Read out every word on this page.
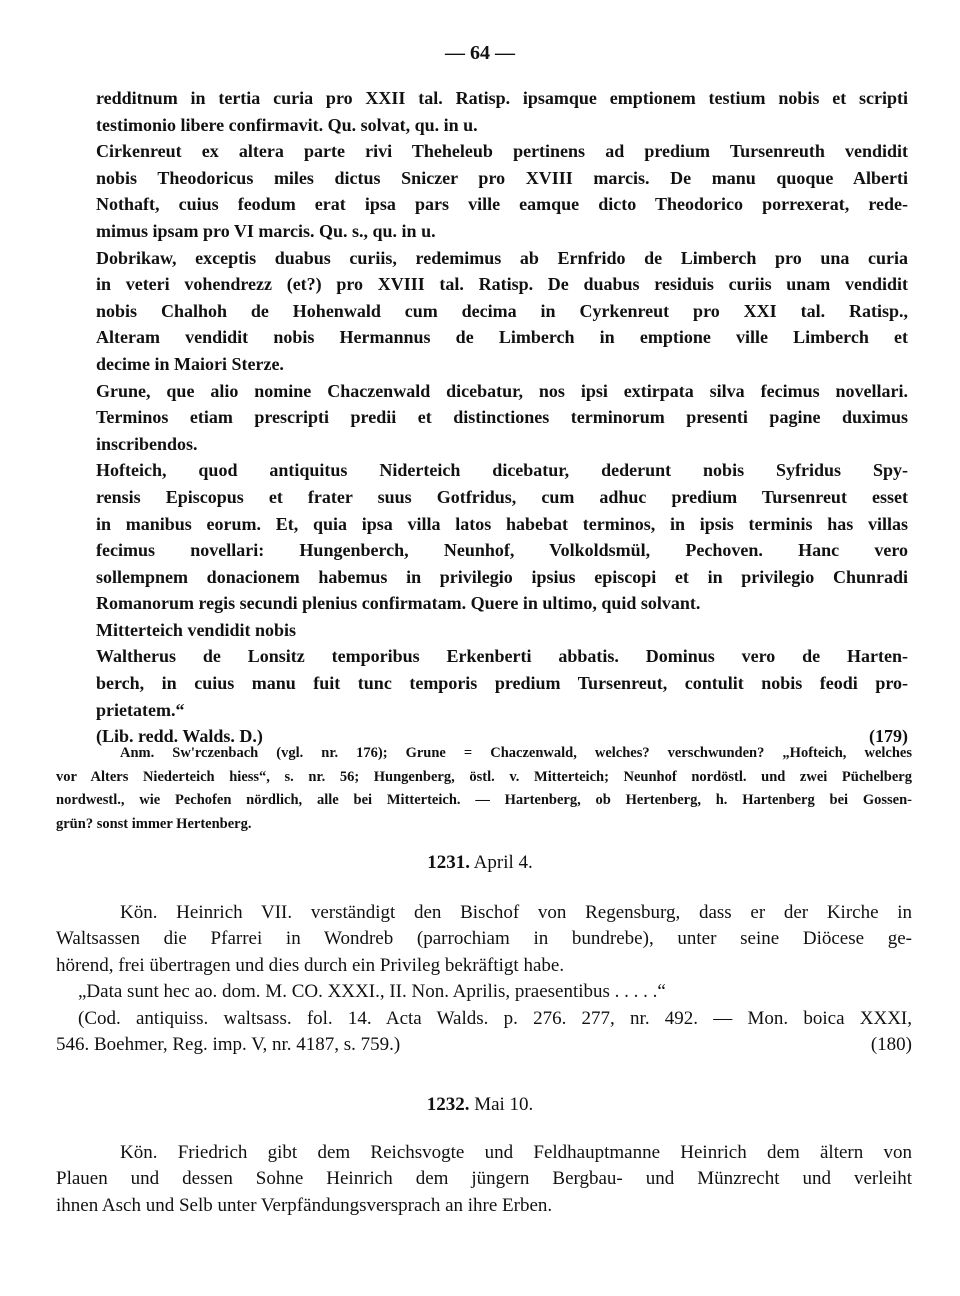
— 64 —
redditnum in tertia curia pro XXII tal. Ratisp. ipsamque emptionem testium nobis et scripti
testimonio libere confirmavit. Qu. solvat, qu. in u.
Cirkenreut ex altera parte rivi Theheleub pertinens ad predium Tursenreuth vendidit
nobis Theodoricus miles dictus Sniczer pro XVIII marcis. De manu quoque Alberti
Nothaft, cuius feodum erat ipsa pars ville eamque dicto Theodorico porrexerat, rede-
mimus ipsam pro VI marcis. Qu. s., qu. in u.
Dobrikaw, exceptis duabus curiis, redemimus ab Ernfrido de Limberch pro una curia
in veteri vohendrezz (et?) pro XVIII tal. Ratisp. De duabus residuis curiis unam vendidit
nobis Chalhoh de Hohenwald cum decima in Cyrkenreut pro XXI tal. Ratisp.,
Alteram vendidit nobis Hermannus de Limberch in emptione ville Limberch et
decime in Maiori Sterze.
Grune, que alio nomine Chaczenwald dicebatur, nos ipsi extirpata silva fecimus novellari.
Terminos etiam prescripti predii et distinctiones terminorum presenti pagine duximus
inscribendos.
Hofteich, quod antiquitus Niderteich dicebatur, dederunt nobis Syfridus Spy-
rensis Episcopus et frater suus Gotfridus, cum adhuc predium Tursenreut esset
in manibus eorum. Et, quia ipsa villa latos habebat terminos, in ipsis terminis has villas
fecimus novellari: Hungenberch, Neunhof, Volkoldsmül, Pechoven. Hanc vero
sollempnem donacionem habemus in privilegio ipsius episcopi et in privilegio Chunradi
Romanorum regis secundi plenius confirmatam. Quere in ultimo, quid solvant.
Mitterteich vendidit nobis
Waltherus de Lonsitz temporibus Erkenberti abbatis. Dominus vero de Harten-
berch, in cuius manu fuit tunc temporis predium Tursenreut, contulit nobis feodi pro-
prietatem.“
(Lib. redd. Walds. D.)	(179)
Anm. Sw'rczenbach (vgl. nr. 176); Grune = Chaczenwald, welches? verschwunden? „Hofteich, welches
vor Alters Niederteich hiess“, s. nr. 56; Hungenberg, östl. v. Mitterteich; Neunhof nordöstl. und zwei Püchelberg
nordwestl., wie Pechofen nördlich, alle bei Mitterteich. — Hartenberg, ob Hertenberg, h. Hartenberg bei Gossen-
grün? sonst immer Hertenberg.
1231. April 4.
Kön. Heinrich VII. verständigt den Bischof von Regensburg, dass er der Kirche in
Waltsassen die Pfarrei in Wondreb (parrochiam in bundrebe), unter seine Diöcese ge-
hörend, frei übertragen und dies durch ein Privileg bekräftigt habe.
„Data sunt hec ao. dom. M. CO. XXXI., II. Non. Aprilis, praesentibus . . . . .“
(Cod. antiquiss. waltsass. fol. 14. Acta Walds. p. 276. 277, nr. 492. — Mon. boica XXXI,
546. Boehmer, Reg. imp. V, nr. 4187, s. 759.)	(180)
1232. Mai 10.
Kön. Friedrich gibt dem Reichsvogte und Feldhauptmanne Heinrich dem ältern von
Plauen und dessen Sohne Heinrich dem jüngern Bergbau- und Münzrecht und verleiht
ihnen Asch und Selb unter Verpfändungsversprach an ihre Erben.
